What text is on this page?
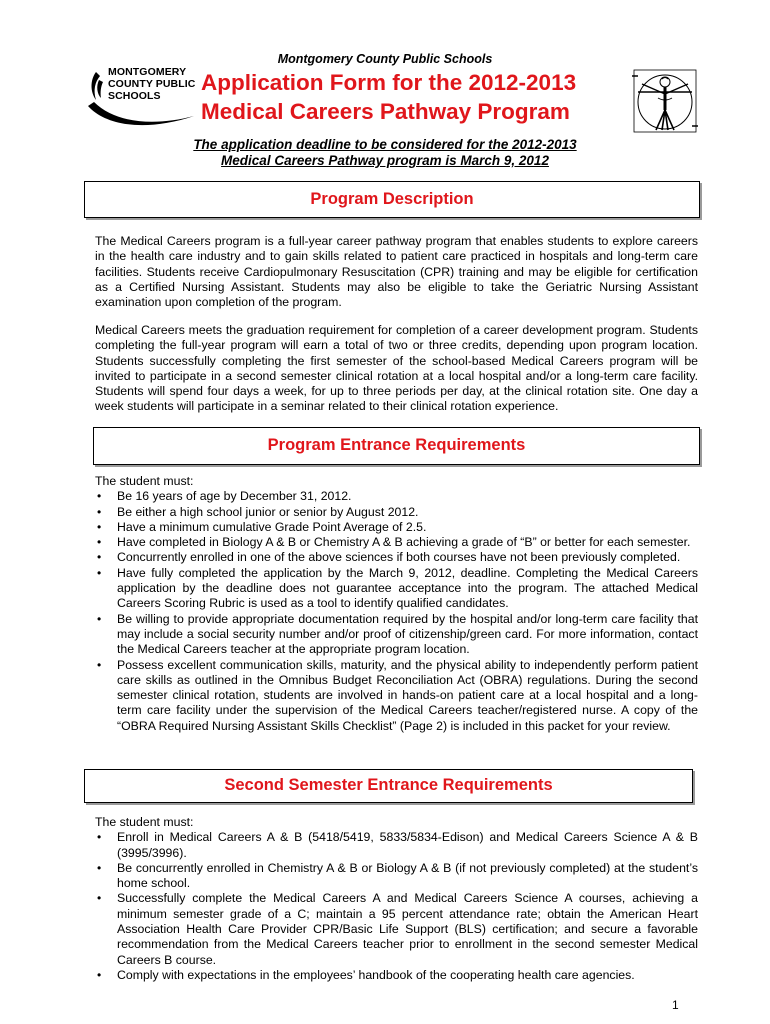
Montgomery County Public Schools
MONTGOMERY
COUNTY PUBLIC
SCHOOLS
Application Form for the 2012-2013
Medical Careers Pathway Program
The application deadline to be considered for the 2012-2013
Medical Careers Pathway program is March 9, 2012
Program Description
The Medical Careers program is a full-year career pathway program that enables students to explore careers in the health care industry and to gain skills related to patient care practiced in hospitals and long-term care facilities. Students receive Cardiopulmonary Resuscitation (CPR) training and may be eligible for certification as a Certified Nursing Assistant. Students may also be eligible to take the Geriatric Nursing Assistant examination upon completion of the program.
Medical Careers meets the graduation requirement for completion of a career development program. Students completing the full-year program will earn a total of two or three credits, depending upon program location. Students successfully completing the first semester of the school-based Medical Careers program will be invited to participate in a second semester clinical rotation at a local hospital and/or a long-term care facility. Students will spend four days a week, for up to three periods per day, at the clinical rotation site. One day a week students will participate in a seminar related to their clinical rotation experience.
Program Entrance Requirements
The student must:
• Be 16 years of age by December 31, 2012.
• Be either a high school junior or senior by August 2012.
• Have a minimum cumulative Grade Point Average of 2.5.
• Have completed in Biology A & B or Chemistry A & B achieving a grade of “B” or better for each semester.
• Concurrently enrolled in one of the above sciences if both courses have not been previously completed.
• Have fully completed the application by the March 9, 2012, deadline. Completing the Medical Careers application by the deadline does not guarantee acceptance into the program. The attached Medical Careers Scoring Rubric is used as a tool to identify qualified candidates.
• Be willing to provide appropriate documentation required by the hospital and/or long-term care facility that may include a social security number and/or proof of citizenship/green card. For more information, contact the Medical Careers teacher at the appropriate program location.
• Possess excellent communication skills, maturity, and the physical ability to independently perform patient care skills as outlined in the Omnibus Budget Reconciliation Act (OBRA) regulations. During the second semester clinical rotation, students are involved in hands-on patient care at a local hospital and a long-term care facility under the supervision of the Medical Careers teacher/registered nurse. A copy of the “OBRA Required Nursing Assistant Skills Checklist” (Page 2) is included in this packet for your review.
Second Semester Entrance Requirements
The student must:
• Enroll in Medical Careers A & B (5418/5419, 5833/5834-Edison) and Medical Careers Science A & B (3995/3996).
• Be concurrently enrolled in Chemistry A & B or Biology A & B (if not previously completed) at the student’s home school.
• Successfully complete the Medical Careers A and Medical Careers Science A courses, achieving a minimum semester grade of a C; maintain a 95 percent attendance rate; obtain the American Heart Association Health Care Provider CPR/Basic Life Support (BLS) certification; and secure a favorable recommendation from the Medical Careers teacher prior to enrollment in the second semester Medical Careers B course.
• Comply with expectations in the employees’ handbook of the cooperating health care agencies.
1
